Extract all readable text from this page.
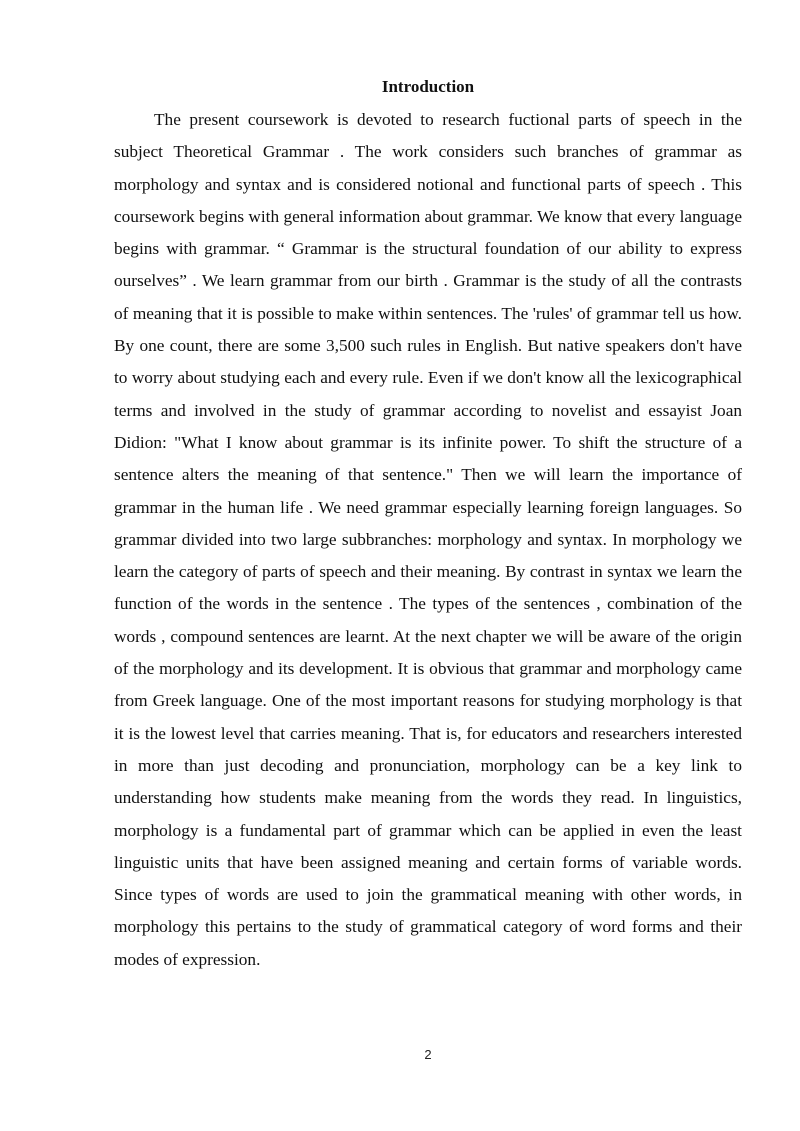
Introduction

The present coursework is devoted to research fuctional parts of speech in the subject Theoretical Grammar . The work considers such branches of grammar as morphology and syntax and is considered notional and functional parts of speech . This coursework begins with general information about grammar. We know that every language begins with grammar. “ Grammar is the structural foundation of our ability to express ourselves” . We learn grammar from our birth . Grammar is the study of all the contrasts of meaning that it is possible to make within sentences. The 'rules' of grammar tell us how. By one count, there are some 3,500 such rules in English. But native speakers don't have to worry about studying each and every rule. Even if we don't know all the lexicographical terms and involved in the study of grammar according to novelist and essayist Joan Didion: "What I know about grammar is its infinite power. To shift the structure of a sentence alters the meaning of that sentence." Then we will learn the importance of grammar in the human life . We need grammar especially learning foreign languages. So grammar divided into two large subbranches: morphology and syntax. In morphology we learn the category of parts of speech and their meaning. By contrast in syntax we learn the function of the words in the sentence . The types of the sentences , combination of the words , compound sentences are learnt. At the next chapter we will be aware of the origin of the morphology and its development. It is obvious that grammar and morphology came from Greek language. One of the most important reasons for studying morphology is that it is the lowest level that carries meaning. That is, for educators and researchers interested in more than just decoding and pronunciation, morphology can be a key link to understanding how students make meaning from the words they read. In linguistics, morphology is a fundamental part of grammar which can be applied in even the least linguistic units that have been assigned meaning and certain forms of variable words. Since types of words are used to join the grammatical meaning with other words, in morphology this pertains to the study of grammatical category of word forms and their modes of expression.

2
